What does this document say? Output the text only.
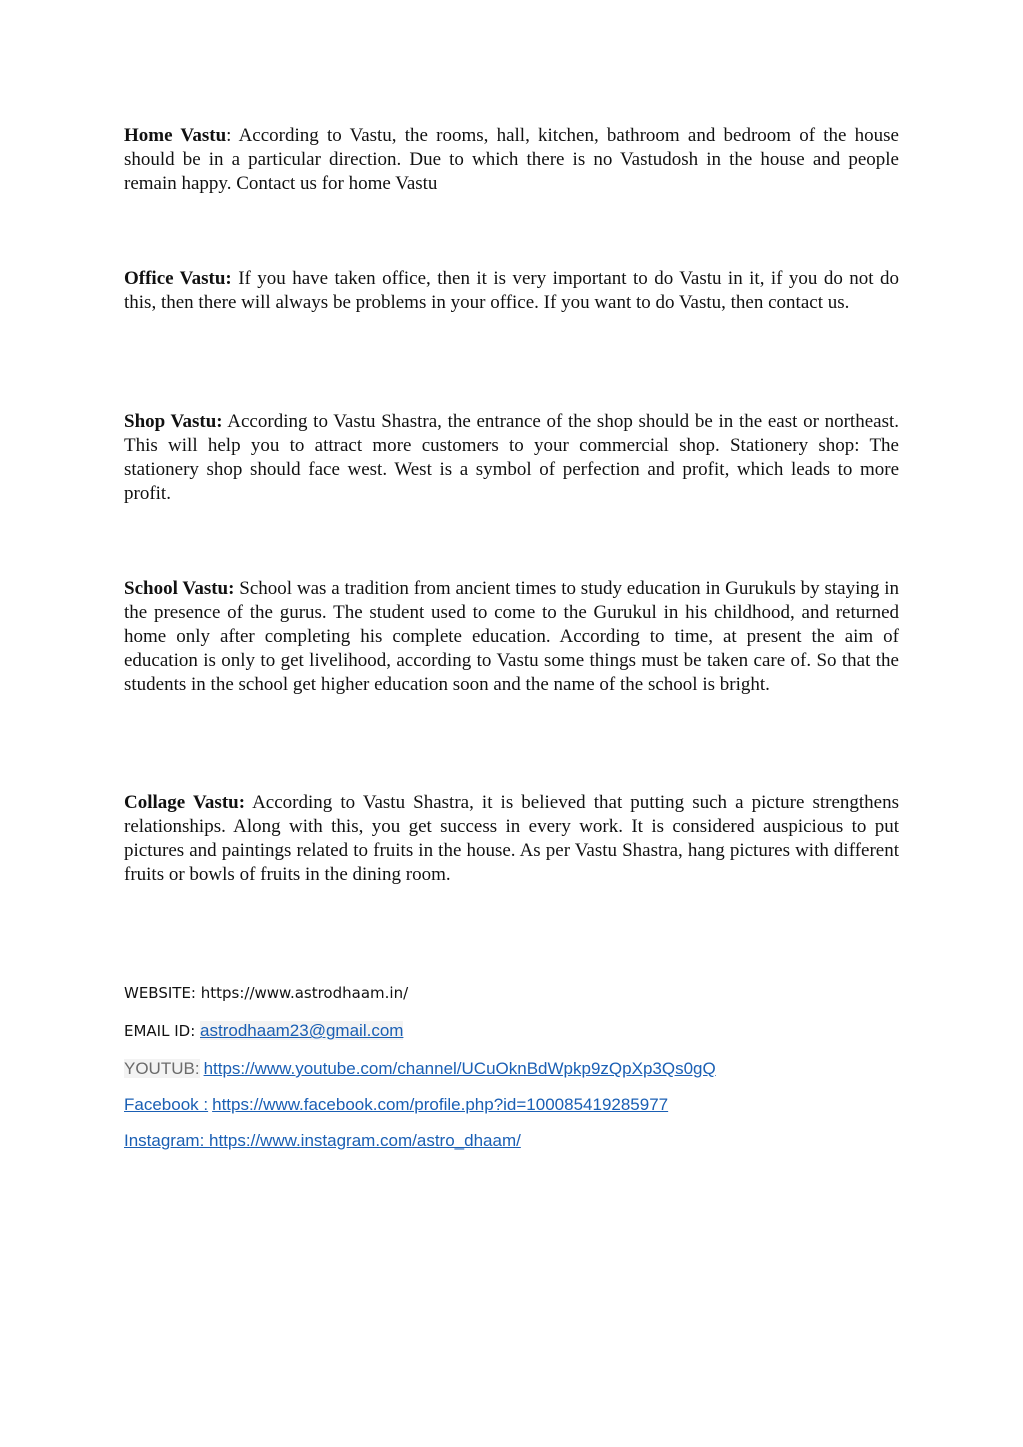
Home Vastu: According to Vastu, the rooms, hall, kitchen, bathroom and bedroom of the house should be in a particular direction. Due to which there is no Vastudosh in the house and people remain happy. Contact us for home Vastu

Office Vastu: If you have taken office, then it is very important to do Vastu in it, if you do not do this, then there will always be problems in your office. If you want to do Vastu, then contact us.

Shop Vastu: According to Vastu Shastra, the entrance of the shop should be in the east or northeast. This will help you to attract more customers to your commercial shop. Stationery shop: The stationery shop should face west. West is a symbol of perfection and profit, which leads to more profit.

School Vastu: School was a tradition from ancient times to study education in Gurukuls by staying in the presence of the gurus. The student used to come to the Gurukul in his childhood, and returned home only after completing his complete education. According to time, at present the aim of education is only to get livelihood, according to Vastu some things must be taken care of. So that the students in the school get higher education soon and the name of the school is bright.

Collage Vastu: According to Vastu Shastra, it is believed that putting such a picture strengthens relationships. Along with this, you get success in every work. It is considered auspicious to put pictures and paintings related to fruits in the house. As per Vastu Shastra, hang pictures with different fruits or bowls of fruits in the dining room.

WEBSITE: https://www.astrodhaam.in/
EMAIL ID: astrodhaam23@gmail.com
YOUTUB: https://www.youtube.com/channel/UCuOknBdWpkp9zQpXp3Qs0gQ
Facebook : https://www.facebook.com/profile.php?id=100085419285977
Instagram: https://www.instagram.com/astro_dhaam/
